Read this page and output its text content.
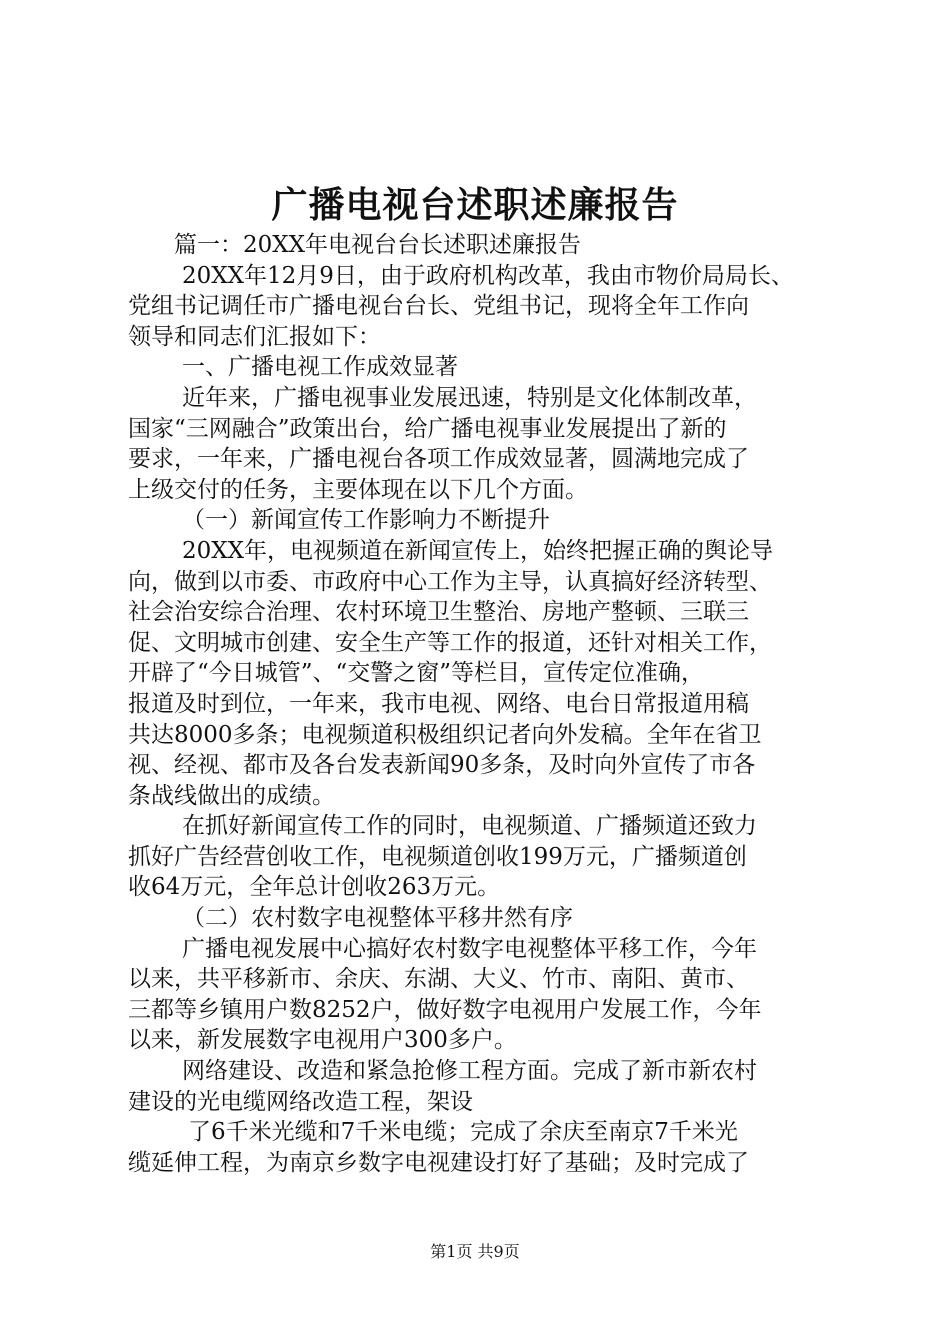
广播电视台述职述廉报告
篇一：20XX年电视台台长述职述廉报告
20XX年12月9日，由于政府机构改革，我由市物价局局长、
党组书记调任市广播电视台台长、党组书记，现将全年工作向
领导和同志们汇报如下：
一、广播电视工作成效显著
近年来，广播电视事业发展迅速，特别是文化体制改革，
国家“三网融合”政策出台，给广播电视事业发展提出了新的
要求，一年来，广播电视台各项工作成效显著，圆满地完成了
上级交付的任务，主要体现在以下几个方面。
（一）新闻宣传工作影响力不断提升
20XX年，电视频道在新闻宣传上，始终把握正确的舆论导
向，做到以市委、市政府中心工作为主导，认真搞好经济转型、
社会治安综合治理、农村环境卫生整治、房地产整顿、三联三
促、文明城市创建、安全生产等工作的报道，还针对相关工作，
开辟了“今日城管”、“交警之窗”等栏目，宣传定位准确，
报道及时到位，一年来，我市电视、网络、电台日常报道用稿
共达8000多条；电视频道积极组织记者向外发稿。全年在省卫
视、经视、都市及各台发表新闻90多条，及时向外宣传了市各
条战线做出的成绩。
在抓好新闻宣传工作的同时，电视频道、广播频道还致力
抓好广告经营创收工作，电视频道创收199万元，广播频道创
收64万元，全年总计创收263万元。
（二）农村数字电视整体平移井然有序
广播电视发展中心搞好农村数字电视整体平移工作，今年
以来，共平移新市、余庆、东湖、大义、竹市、南阳、黄市、
三都等乡镇用户数8252户，做好数字电视用户发展工作，今年
以来，新发展数字电视用户300多户。
网络建设、改造和紧急抢修工程方面。完成了新市新农村
建设的光电缆网络改造工程，架设
了6千米光缆和7千米电缆；完成了余庆至南京7千米光
缆延伸工程，为南京乡数字电视建设打好了基础；及时完成了
第1页 共9页
